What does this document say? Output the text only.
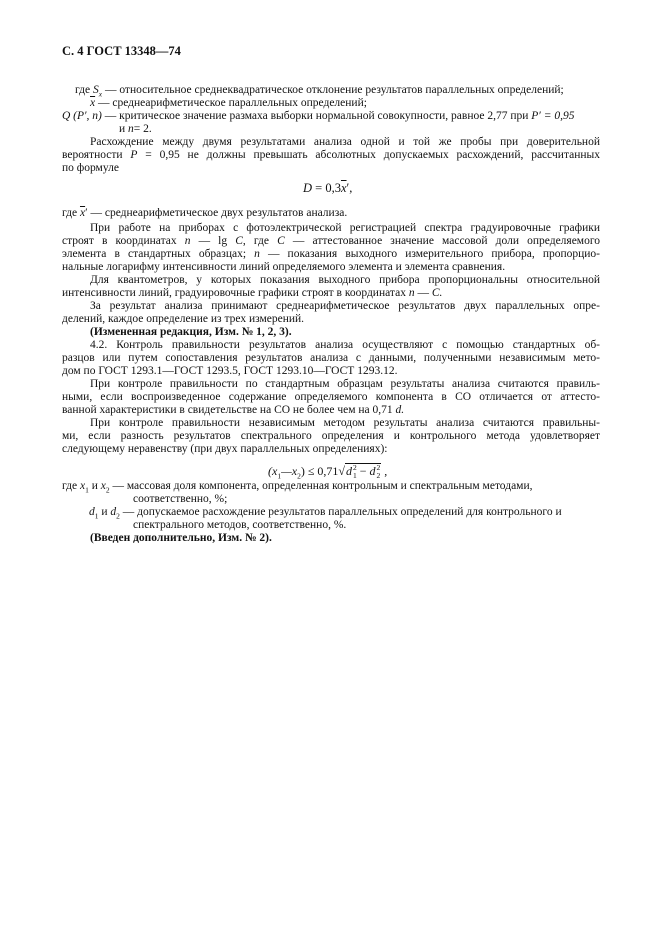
С. 4 ГОСТ 13348—74
где $S_x$ — относительное среднеквадратическое отклонение результатов параллельных определений;
$\overline{x}$ — среднеарифметическое параллельных определений;
Q (P′, n) — критическое значение размаха выборки нормальной совокупности, равное 2,77 при P′ = 0,95
и n= 2.
Расхождение между двумя результатами анализа одной и той же пробы при доверительной
вероятности P = 0,95 не должны превышать абсолютных допускаемых расхождений, рассчитанных
по формуле
$D = 0,3\overline{x}'$,
где $\overline{x}'$ — среднеарифметическое двух результатов анализа.
При работе на приборах с фотоэлектрической регистрацией спектра градуировочные графики
строят в координатах n — lg C, где C — аттестованное значение массовой доли определяемого
элемента в стандартных образцах; n — показания выходного измерительного прибора, пропорцио-
нальные логарифму интенсивности линий определяемого элемента и элемента сравнения.
Для квантометров, у которых показания выходного прибора пропорциональны относительной
интенсивности линий, градуировочные графики строят в координатах n — C.
За результат анализа принимают среднеарифметическое результатов двух параллельных опре-
делений, каждое определение из трех измерений.
(Измененная редакция, Изм. № 1, 2, 3).
4.2. Контроль правильности результатов анализа осуществляют с помощью стандартных об-
разцов или путем сопоставления результатов анализа с данными, полученными независимым мето-
дом по ГОСТ 1293.1—ГОСТ 1293.5, ГОСТ 1293.10—ГОСТ 1293.12.
При контроле правильности по стандартным образцам результаты анализа считаются правиль-
ными, если воспроизведенное содержание определяемого компонента в СО отличается от аттесто-
ванной характеристики в свидетельстве на СО не более чем на 0,71 d.
При контроле правильности независимым методом результаты анализа считаются правильны-
ми, если разность результатов спектрального определения и контрольного метода удовлетворяет
следующему неравенству (при двух параллельных определениях):
$(x_1—x_2) \le 0,71√d$ 2
1 − d 2
2 ,
где $x_1$ и $x_2$ — массовая доля компонента, определенная контрольным и спектральным методами,
соответственно, %;
$d_1$ и $d_2$ — допускаемое расхождение результатов параллельных определений для контрольного и
спектрального методов, соответственно, %.
(Введен дополнительно, Изм. № 2).
